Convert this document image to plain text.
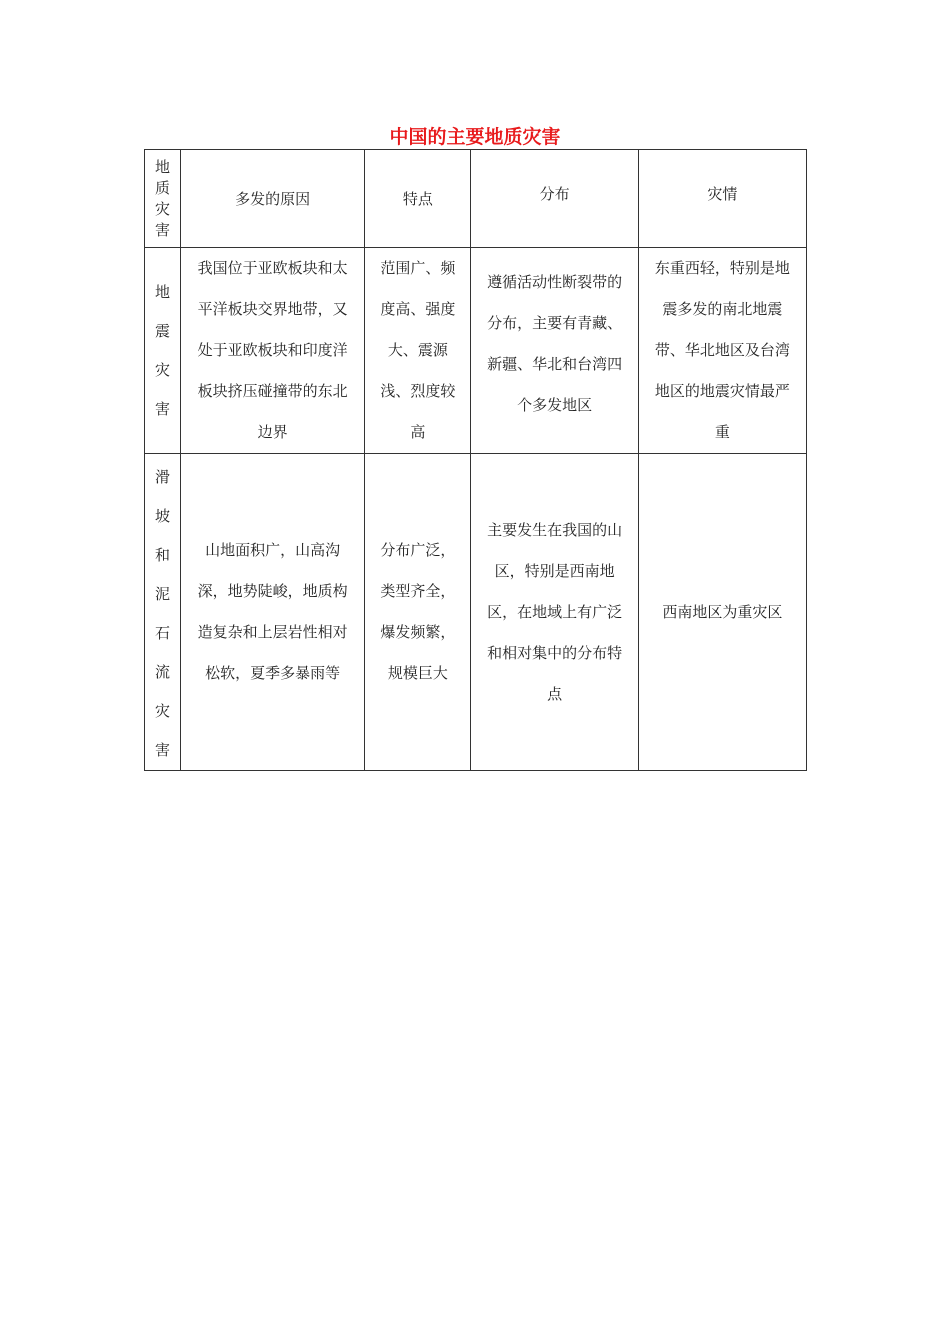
中国的主要地质灾害
地质灾害	多发的原因	特点	分布	灾情

地震灾害	我国位于亚欧板块和太平洋板块交界地带，又处于亚欧板块和印度洋板块挤压碰撞带的东北边界	范围广、频度高、强度大、震源浅、烈度较高	遵循活动性断裂带的分布，主要有青藏、新疆、华北和台湾四个多发地区	东重西轻，特别是地震多发的南北地震带、华北地区及台湾地区的地震灾情最严重

滑坡和泥石流灾害	山地面积广，山高沟深，地势陡峻，地质构造复杂和上层岩性相对松软，夏季多暴雨等	分布广泛，类型齐全，爆发频繁，规模巨大	主要发生在我国的山区，特别是西南地区，在地域上有广泛和相对集中的分布特点	西南地区为重灾区
